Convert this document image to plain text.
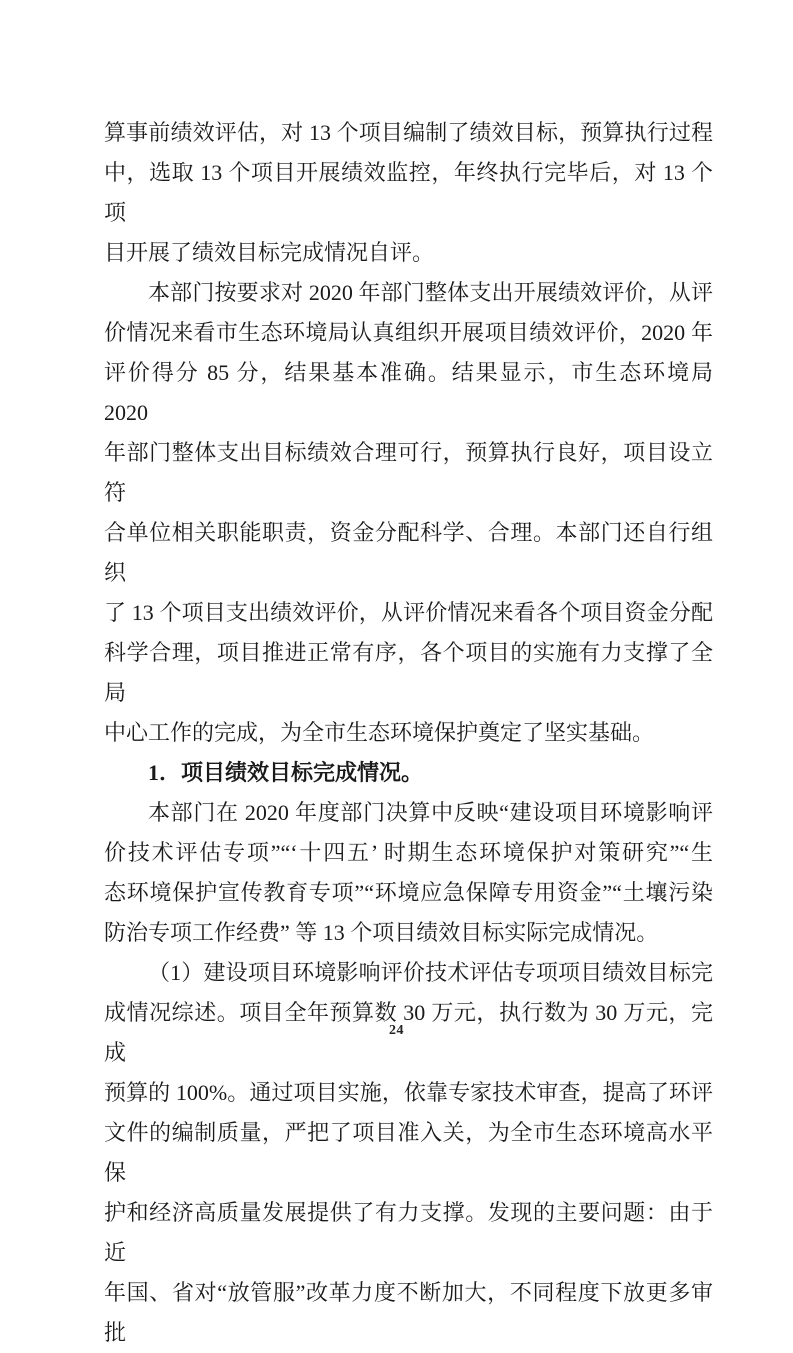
算事前绩效评估，对 13 个项目编制了绩效目标，预算执行过程
中，选取 13 个项目开展绩效监控，年终执行完毕后，对 13 个项
目开展了绩效目标完成情况自评。
本部门按要求对 2020 年部门整体支出开展绩效评价，从评
价情况来看市生态环境局认真组织开展项目绩效评价，2020 年
评价得分 85 分，结果基本准确。结果显示，市生态环境局 2020
年部门整体支出目标绩效合理可行，预算执行良好，项目设立符
合单位相关职能职责，资金分配科学、合理。本部门还自行组织
了 13 个项目支出绩效评价，从评价情况来看各个项目资金分配
科学合理，项目推进正常有序，各个项目的实施有力支撑了全局
中心工作的完成，为全市生态环境保护奠定了坚实基础。
1．项目绩效目标完成情况。
本部门在 2020 年度部门决算中反映“建设项目环境影响评
价技术评估专项”“‘十四五’ 时期生态环境保护对策研究”“生
态环境保护宣传教育专项”“环境应急保障专用资金”“土壤污染
防治专项工作经费” 等 13 个项目绩效目标实际完成情况。
（1）建设项目环境影响评价技术评估专项项目绩效目标完
成情况综述。项目全年预算数 30 万元，执行数为 30 万元，完成
预算的 100%。通过项目实施，依靠专家技术审查，提高了环评
文件的编制质量，严把了项目准入关，为全市生态环境高水平保
护和经济高质量发展提供了有力支撑。发现的主要问题：由于近
年国、省对“放管服”改革力度不断加大，不同程度下放更多审批
24
